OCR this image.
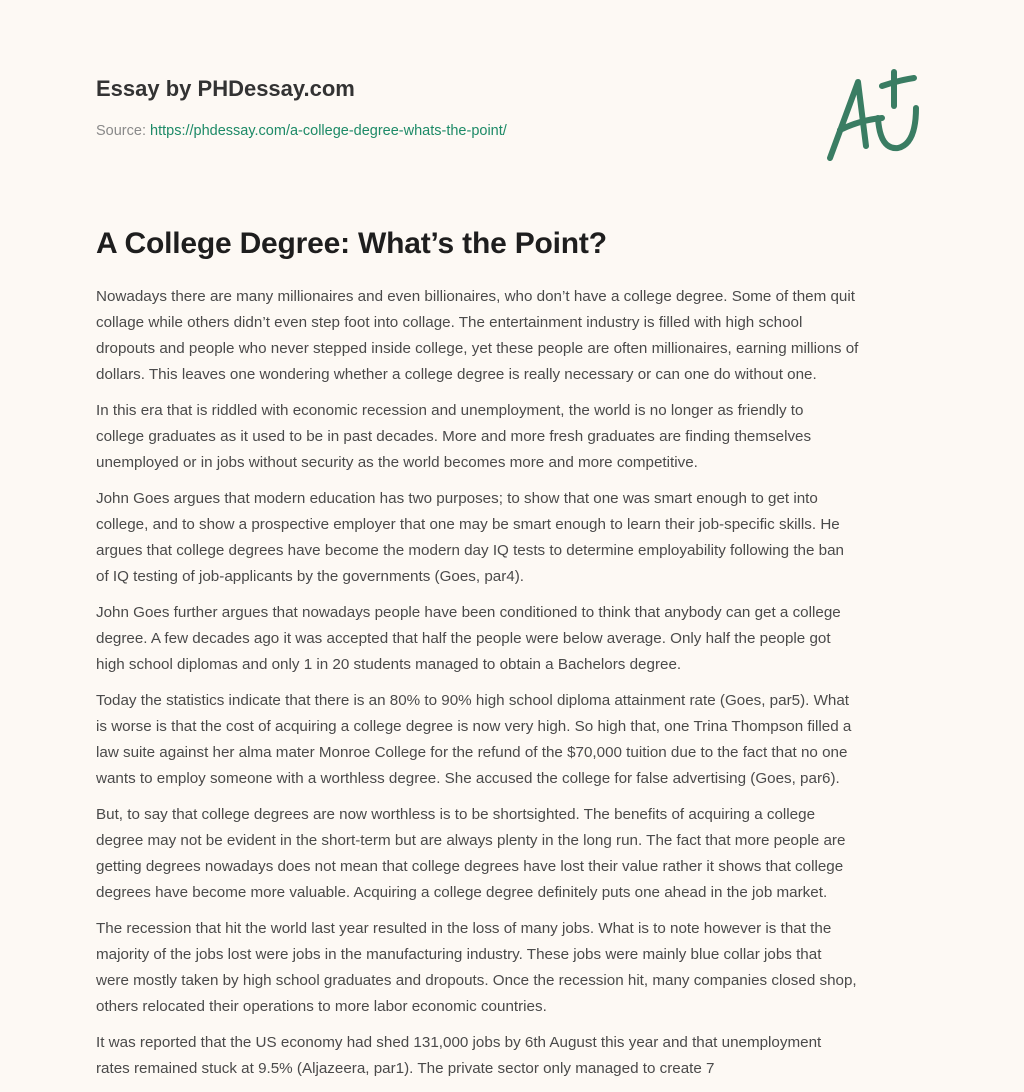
Essay by PHDessay.com
Source: https://phdessay.com/a-college-degree-whats-the-point/
A College Degree: What’s the Point?

Nowadays there are many millionaires and even billionaires, who don’t have a college degree. Some of them quit
collage while others didn’t even step foot into collage. The entertainment industry is filled with high school
dropouts and people who never stepped inside college, yet these people are often millionaires, earning millions of
dollars. This leaves one wondering whether a college degree is really necessary or can one do without one.

In this era that is riddled with economic recession and unemployment, the world is no longer as friendly to
college graduates as it used to be in past decades. More and more fresh graduates are finding themselves
unemployed or in jobs without security as the world becomes more and more competitive.

John Goes argues that modern education has two purposes; to show that one was smart enough to get into
college, and to show a prospective employer that one may be smart enough to learn their job-specific skills. He
argues that college degrees have become the modern day IQ tests to determine employability following the ban
of IQ testing of job-applicants by the governments (Goes, par4).

John Goes further argues that nowadays people have been conditioned to think that anybody can get a college
degree. A few decades ago it was accepted that half the people were below average. Only half the people got
high school diplomas and only 1 in 20 students managed to obtain a Bachelors degree.

Today the statistics indicate that there is an 80% to 90% high school diploma attainment rate (Goes, par5). What
is worse is that the cost of acquiring a college degree is now very high. So high that, one Trina Thompson filled a
law suite against her alma mater Monroe College for the refund of the $70,000 tuition due to the fact that no one
wants to employ someone with a worthless degree. She accused the college for false advertising (Goes, par6).

But, to say that college degrees are now worthless is to be shortsighted. The benefits of acquiring a college
degree may not be evident in the short-term but are always plenty in the long run. The fact that more people are
getting degrees nowadays does not mean that college degrees have lost their value rather it shows that college
degrees have become more valuable. Acquiring a college degree definitely puts one ahead in the job market.

The recession that hit the world last year resulted in the loss of many jobs. What is to note however is that the
majority of the jobs lost were jobs in the manufacturing industry. These jobs were mainly blue collar jobs that
were mostly taken by high school graduates and dropouts. Once the recession hit, many companies closed shop,
others relocated their operations to more labor economic countries.

It was reported that the US economy had shed 131,000 jobs by 6th August this year and that unemployment
rates remained stuck at 9.5% (Aljazeera, par1). The private sector only managed to create 7
